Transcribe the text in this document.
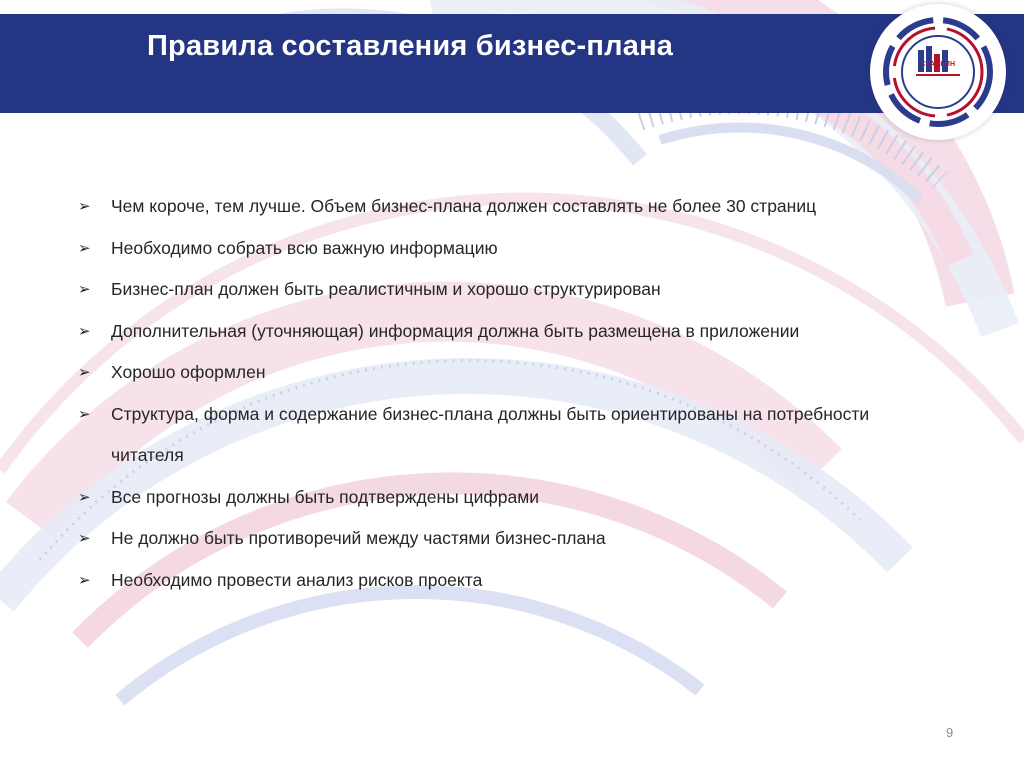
Правила составления бизнес-плана
СТАНКИН
➢ Чем короче, тем лучше. Объем бизнес-плана должен составлять не более 30 страниц
➢ Необходимо собрать всю важную информацию
➢ Бизнес-план должен быть реалистичным и хорошо структурирован
➢ Дополнительная (уточняющая) информация должна быть размещена в приложении
➢ Хорошо оформлен
➢ Структура, форма и содержание бизнес-плана должны быть ориентированы на потребности читателя
➢ Все прогнозы должны быть подтверждены цифрами
➢ Не должно быть противоречий между частями бизнес-плана
➢ Необходимо провести анализ рисков проекта
9
